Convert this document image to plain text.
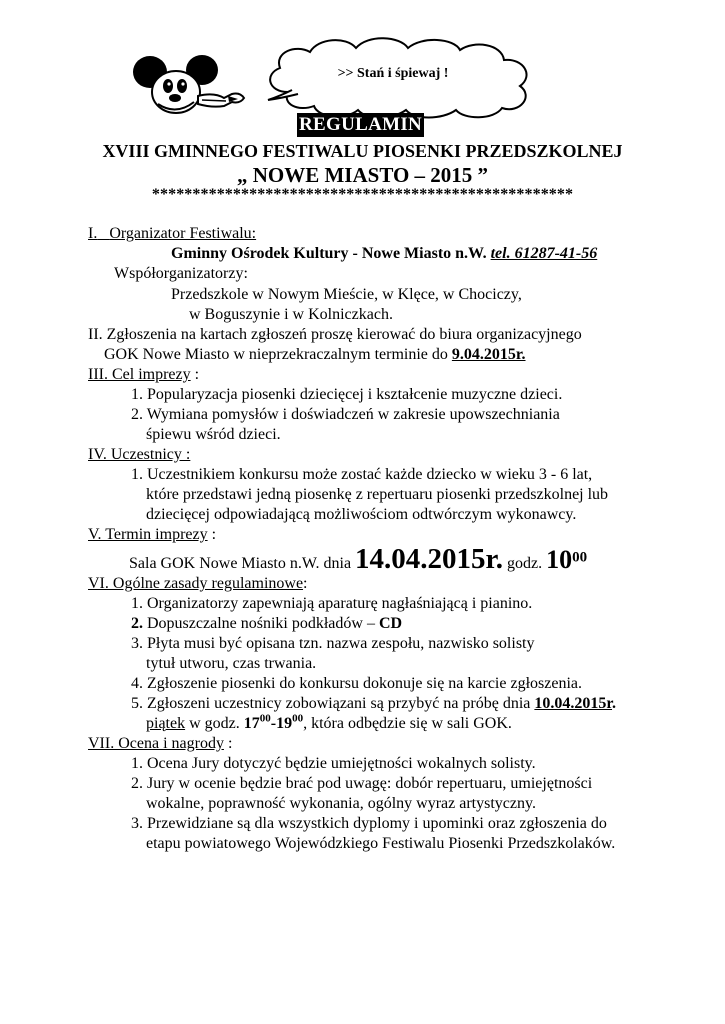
>> Stań i śpiewaj !
REGULAMIN
XVIII GMINNEGO FESTIWALU PIOSENKI PRZEDSZKOLNEJ
„ NOWE MIASTO – 2015 ”
****************************************************
I. Organizator Festiwalu:
Gminny Ośrodek Kultury - Nowe Miasto n.W. tel. 61287-41-56
Współorganizatorzy:
Przedszkole w Nowym Mieście, w Klęce, w Chociczy,
w Boguszynie i w Kolniczkach.
II. Zgłoszenia na kartach zgłoszeń proszę kierować do biura organizacyjnego
GOK Nowe Miasto w nieprzekraczalnym terminie do 9.04.2015r.
III. Cel imprezy :
1. Popularyzacja piosenki dziecięcej i kształcenie muzyczne dzieci.
2. Wymiana pomysłów i doświadczeń w zakresie upowszechniania
śpiewu wśród dzieci.
IV. Uczestnicy :
1. Uczestnikiem konkursu może zostać każde dziecko w wieku 3 - 6 lat,
które przedstawi jedną piosenkę z repertuaru piosenki przedszkolnej lub
dziecięcej odpowiadającą możliwościom odtwórczym wykonawcy.
V. Termin imprezy :
Sala GOK Nowe Miasto n.W. dnia 14.04.2015r. godz. 1000
VI. Ogólne zasady regulaminowe:
1. Organizatorzy zapewniają aparaturę nagłaśniającą i pianino.
2. Dopuszczalne nośniki podkładów – CD
3. Płyta musi być opisana tzn. nazwa zespołu, nazwisko solisty
tytuł utworu, czas trwania.
4. Zgłoszenie piosenki do konkursu dokonuje się na karcie zgłoszenia.
5. Zgłoszeni uczestnicy zobowiązani są przybyć na próbę dnia 10.04.2015r.
piątek w godz. $17^{00}-19^{00}$, która odbędzie się w sali GOK.
VII. Ocena i nagrody :
1. Ocena Jury dotyczyć będzie umiejętności wokalnych solisty.
2. Jury w ocenie będzie brać pod uwagę: dobór repertuaru, umiejętności
wokalne, poprawność wykonania, ogólny wyraz artystyczny.
3. Przewidziane są dla wszystkich dyplomy i upominki oraz zgłoszenia do
etapu powiatowego Wojewódzkiego Festiwalu Piosenki Przedszkolaków.
